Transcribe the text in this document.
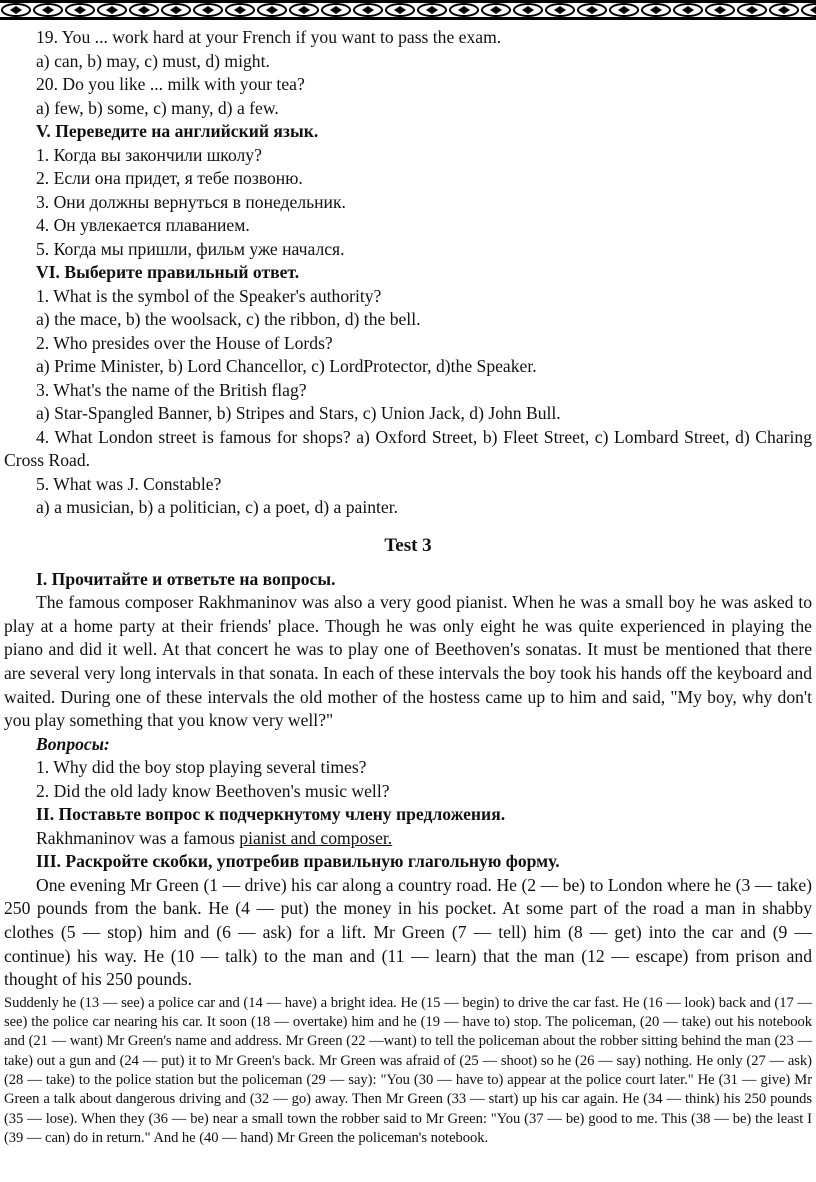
19. You ... work hard at your French if you want to pass the exam.
a) can, b) may, c) must, d) might.
20. Do you like ... milk with your tea?
a) few, b) some, c) many, d) a few.
V. Переведите на английский язык.
1. Когда вы закончили школу?
2. Если она придет, я тебе позвоню.
3. Они должны вернуться в понедельник.
4. Он увлекается плаванием.
5. Когда мы пришли, фильм уже начался.
VI. Выберите правильный ответ.
1. What is the symbol of the Speaker's authority?
a) the mace, b) the woolsack, c) the ribbon, d) the bell.
2. Who presides over the House of Lords?
a) Prime Minister, b) Lord Chancellor, c) LordProtector, d)the Speaker.
3. What's the name of the British flag?
a) Star-Spangled Banner, b) Stripes and Stars, c) Union Jack, d) John Bull.

4. What London street is famous for shops? a) Oxford Street, b) Fleet Street, c) Lombard Street, d) Charing Cross Road.

5. What was J. Constable?
a) a musician, b) a politician, c) a poet, d) a painter.
Test 3
I. Прочитайте и ответьте на вопросы.

The famous composer Rakhmaninov was also a very good pianist. When he was a small boy he was asked to play at a home party at their friends' place. Though he was only eight he was quite experienced in playing the piano and did it well. At that concert he was to play one of Beethoven's sonatas. It must be mentioned that there are several very long intervals in that sonata. In each of these intervals the boy took his hands off the keyboard and waited. During one of these intervals the old mother of the hostess came up to him and said, "My boy, why don't you play something that you know very well?"

Вопросы:
1. Why did the boy stop playing several times?
2. Did the old lady know Beethoven's music well?
II. Поставьте вопрос к подчеркнутому члену предложения.
Rakhmaninov was a famous pianist and composer.
III. Раскройте скобки, употребив правильную глагольную форму.

One evening Mr Green (1 — drive) his car along a country road. He (2 — be) to London where he (3 — take) 250 pounds from the bank. He (4 — put) the money in his pocket. At some part of the road a man in shabby clothes (5 — stop) him and (6 — ask) for a lift. Mr Green (7 — tell) him (8 — get) into the car and (9 — continue) his way. He (10 — talk) to the man and (11 — learn) that the man (12 — escape) from prison and thought of his 250 pounds.

Suddenly he (13 — see) a police car and (14 — have) a bright idea. He (15 — begin) to drive the car fast. He (16 — look) back and (17 — see) the police car nearing his car. It soon (18 — overtake) him and he (19 — have to) stop. The policeman, (20 — take) out his notebook and (21 — want) Mr Green's name and address. Mr Green (22 —want) to tell the policeman about the robber sitting behind the man (23 — take) out a gun and (24 — put) it to Mr Green's back. Mr Green was afraid of (25 — shoot) so he (26 — say) nothing. He only (27 — ask) (28 — take) to the police station but the policeman (29 — say): "You (30 — have to) appear at the police court later." He (31 — give) Mr Green a talk about dangerous driving and (32 — go) away. Then Mr Green (33 — start) up his car again. He (34 — think) his 250 pounds (35 — lose). When they (36 — be) near a small town the robber said to Mr Green: "You (37 — be) good to me. This (38 — be) the least I (39 — can) do in return." And he (40 — hand) Mr Green the policeman's notebook.
